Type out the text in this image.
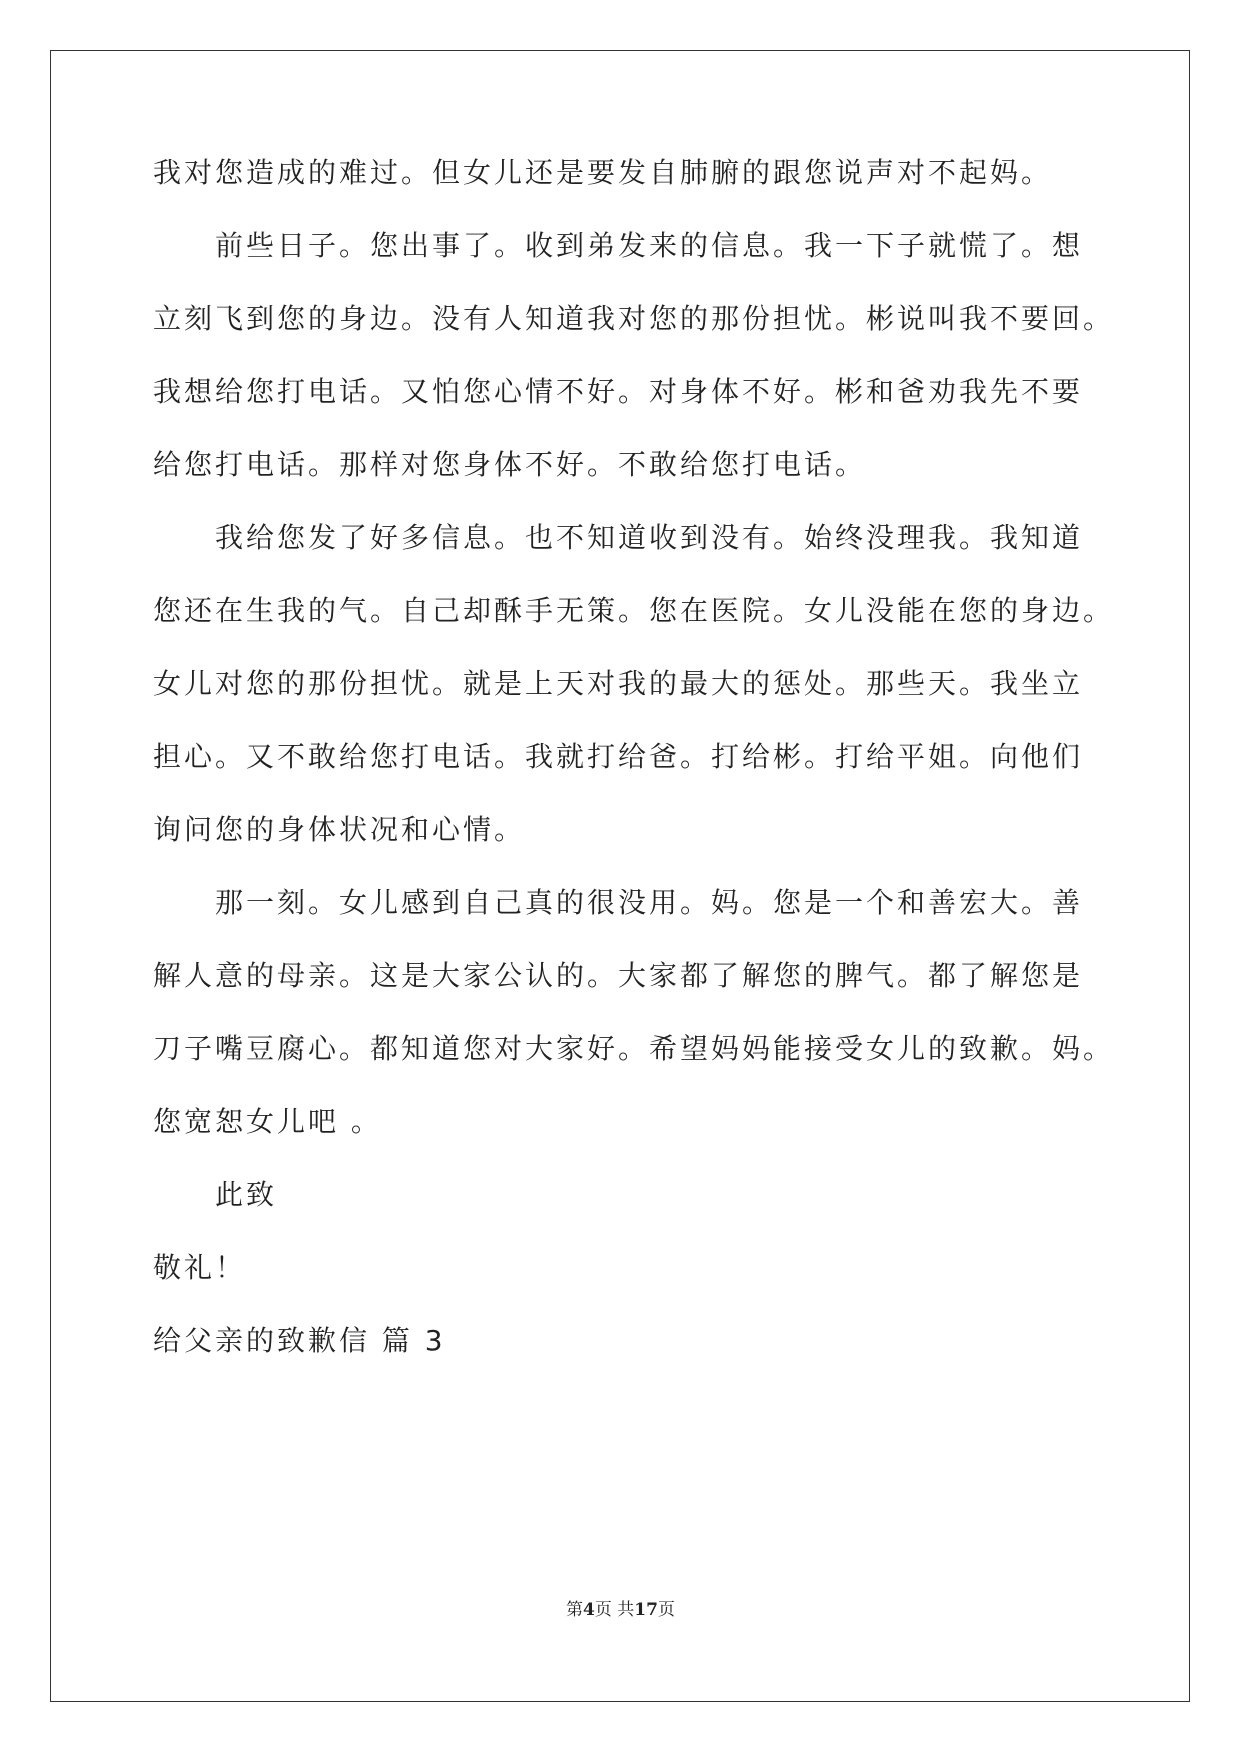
我对您造成的难过。但女儿还是要发自肺腑的跟您说声对不起妈。
前些日子。您出事了。收到弟发来的信息。我一下子就慌了。想
立刻飞到您的身边。没有人知道我对您的那份担忧。彬说叫我不要回。
我想给您打电话。又怕您心情不好。对身体不好。彬和爸劝我先不要
给您打电话。那样对您身体不好。不敢给您打电话。
我给您发了好多信息。也不知道收到没有。始终没理我。我知道
您还在生我的气。自己却酥手无策。您在医院。女儿没能在您的身边。
女儿对您的那份担忧。就是上天对我的最大的惩处。那些天。我坐立
担心。又不敢给您打电话。我就打给爸。打给彬。打给平姐。向他们
询问您的身体状况和心情。
那一刻。女儿感到自己真的很没用。妈。您是一个和善宏大。善
解人意的母亲。这是大家公认的。大家都了解您的脾气。都了解您是
刀子嘴豆腐心。都知道您对大家好。希望妈妈能接受女儿的致歉。妈。
您宽恕女儿吧 。
此致
敬礼！
给父亲的致歉信 篇 3
第4页 共17页
